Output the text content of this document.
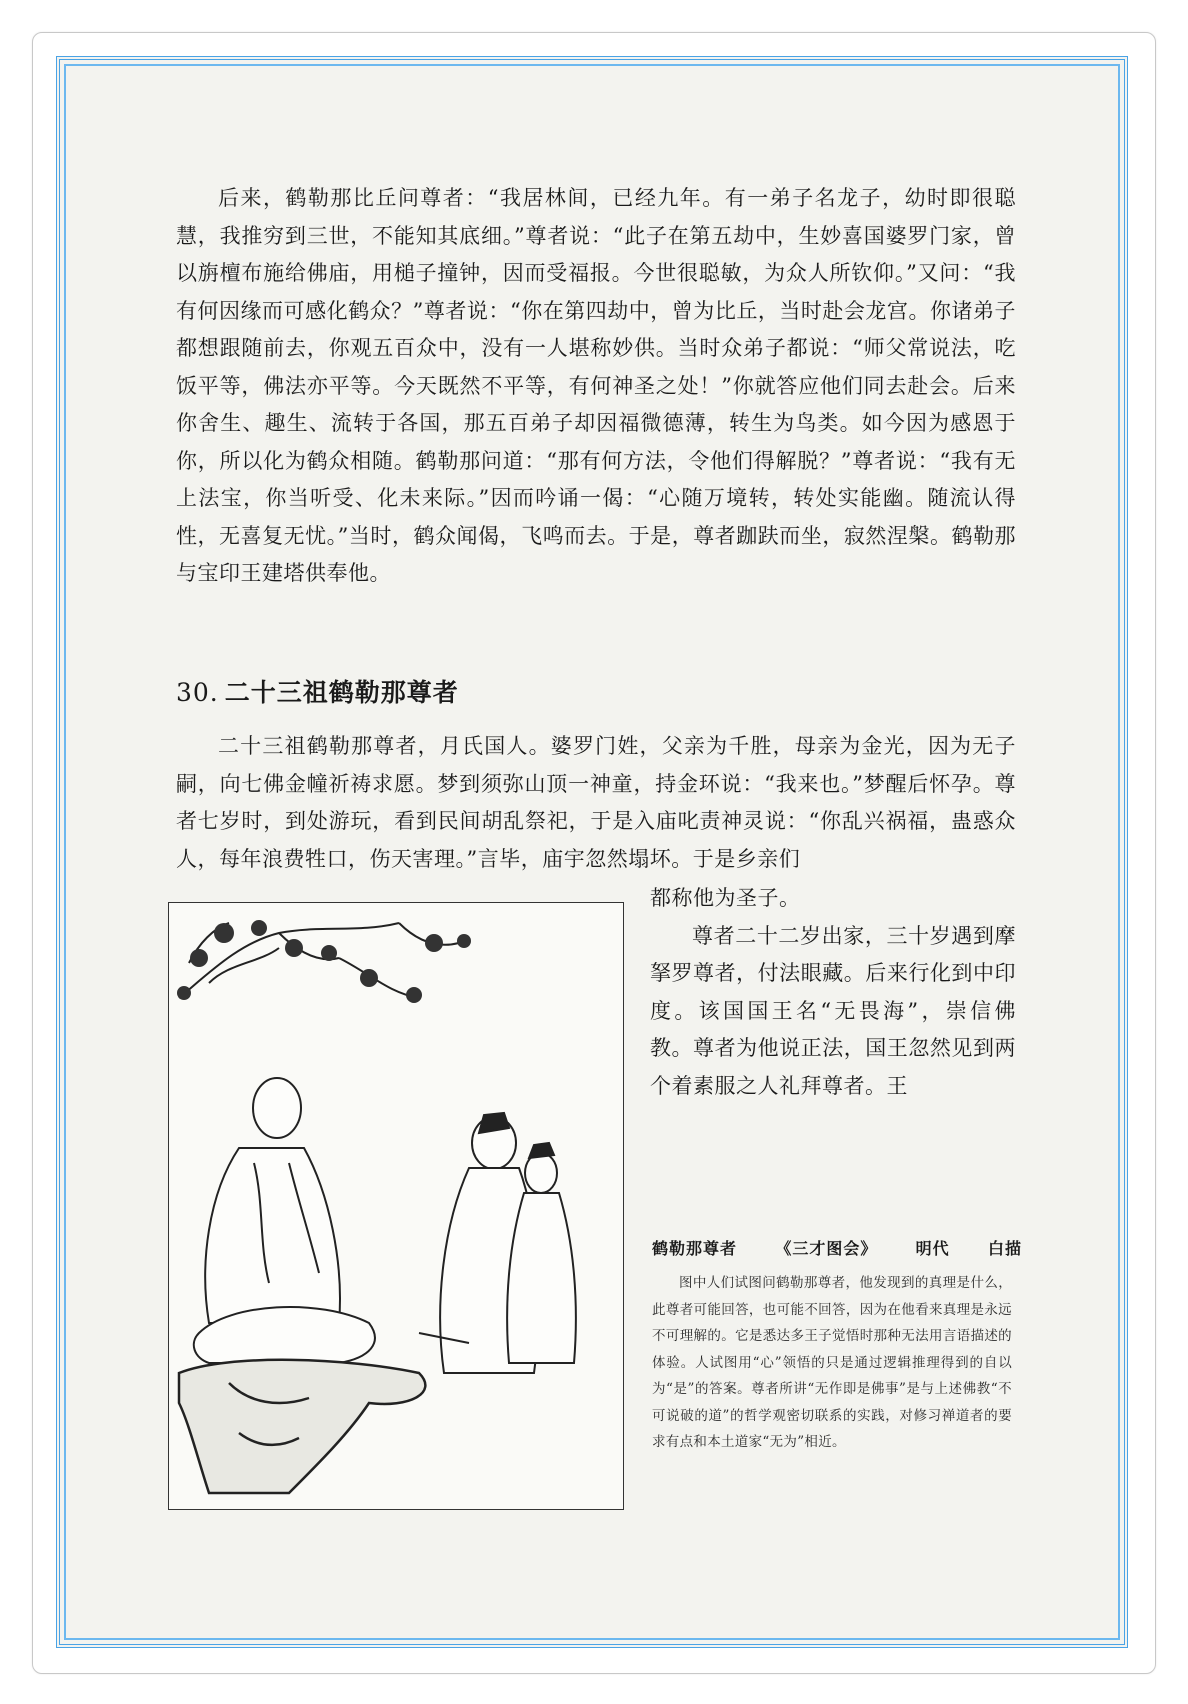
后来，鹤勒那比丘问尊者：“我居林间，已经九年。有一弟子名龙子，幼时即很聪慧，我推穷到三世，不能知其底细。”尊者说：“此子在第五劫中，生妙喜国婆罗门家，曾以旃檀布施给佛庙，用槌子撞钟，因而受福报。今世很聪敏，为众人所钦仰。”又问：“我有何因缘而可感化鹤众？”尊者说：“你在第四劫中，曾为比丘，当时赴会龙宫。你诸弟子都想跟随前去，你观五百众中，没有一人堪称妙供。当时众弟子都说：“师父常说法，吃饭平等，佛法亦平等。今天既然不平等，有何神圣之处！”你就答应他们同去赴会。后来你舍生、趣生、流转于各国，那五百弟子却因福微德薄，转生为鸟类。如今因为感恩于你，所以化为鹤众相随。鹤勒那问道：“那有何方法，令他们得解脱？”尊者说：“我有无上法宝，你当听受、化未来际。”因而吟诵一偈：“心随万境转，转处实能幽。随流认得性，无喜复无忧。”当时，鹤众闻偈，飞鸣而去。于是，尊者跏趺而坐，寂然涅槃。鹤勒那与宝印王建塔供奉他。

30. 二十三祖鹤勒那尊者

二十三祖鹤勒那尊者，月氏国人。婆罗门姓，父亲为千胜，母亲为金光，因为无子嗣，向七佛金幢祈祷求愿。梦到须弥山顶一神童，持金环说：“我来也。”梦醒后怀孕。尊者七岁时，到处游玩，看到民间胡乱祭祀，于是入庙叱责神灵说：“你乱兴祸福，蛊惑众人，每年浪费牲口，伤天害理。”言毕，庙宇忽然塌坏。于是乡亲们

都称他为圣子。

尊者二十二岁出家，三十岁遇到摩拏罗尊者，付法眼藏。后来行化到中印度。该国国王名“无畏海”，崇信佛教。尊者为他说正法，国王忽然见到两个着素服之人礼拜尊者。王

鹤勒那尊者 《三才图会》 明代 白描
图中人们试图问鹤勒那尊者，他发现到的真理是什么，此尊者可能回答，也可能不回答，因为在他看来真理是永远不可理解的。它是悉达多王子觉悟时那种无法用言语描述的体验。人试图用“心”领悟的只是通过逻辑推理得到的自以为“是”的答案。尊者所讲“无作即是佛事”是与上述佛教“不可说破的道”的哲学观密切联系的实践，对修习禅道者的要求有点和本土道家“无为”相近。
